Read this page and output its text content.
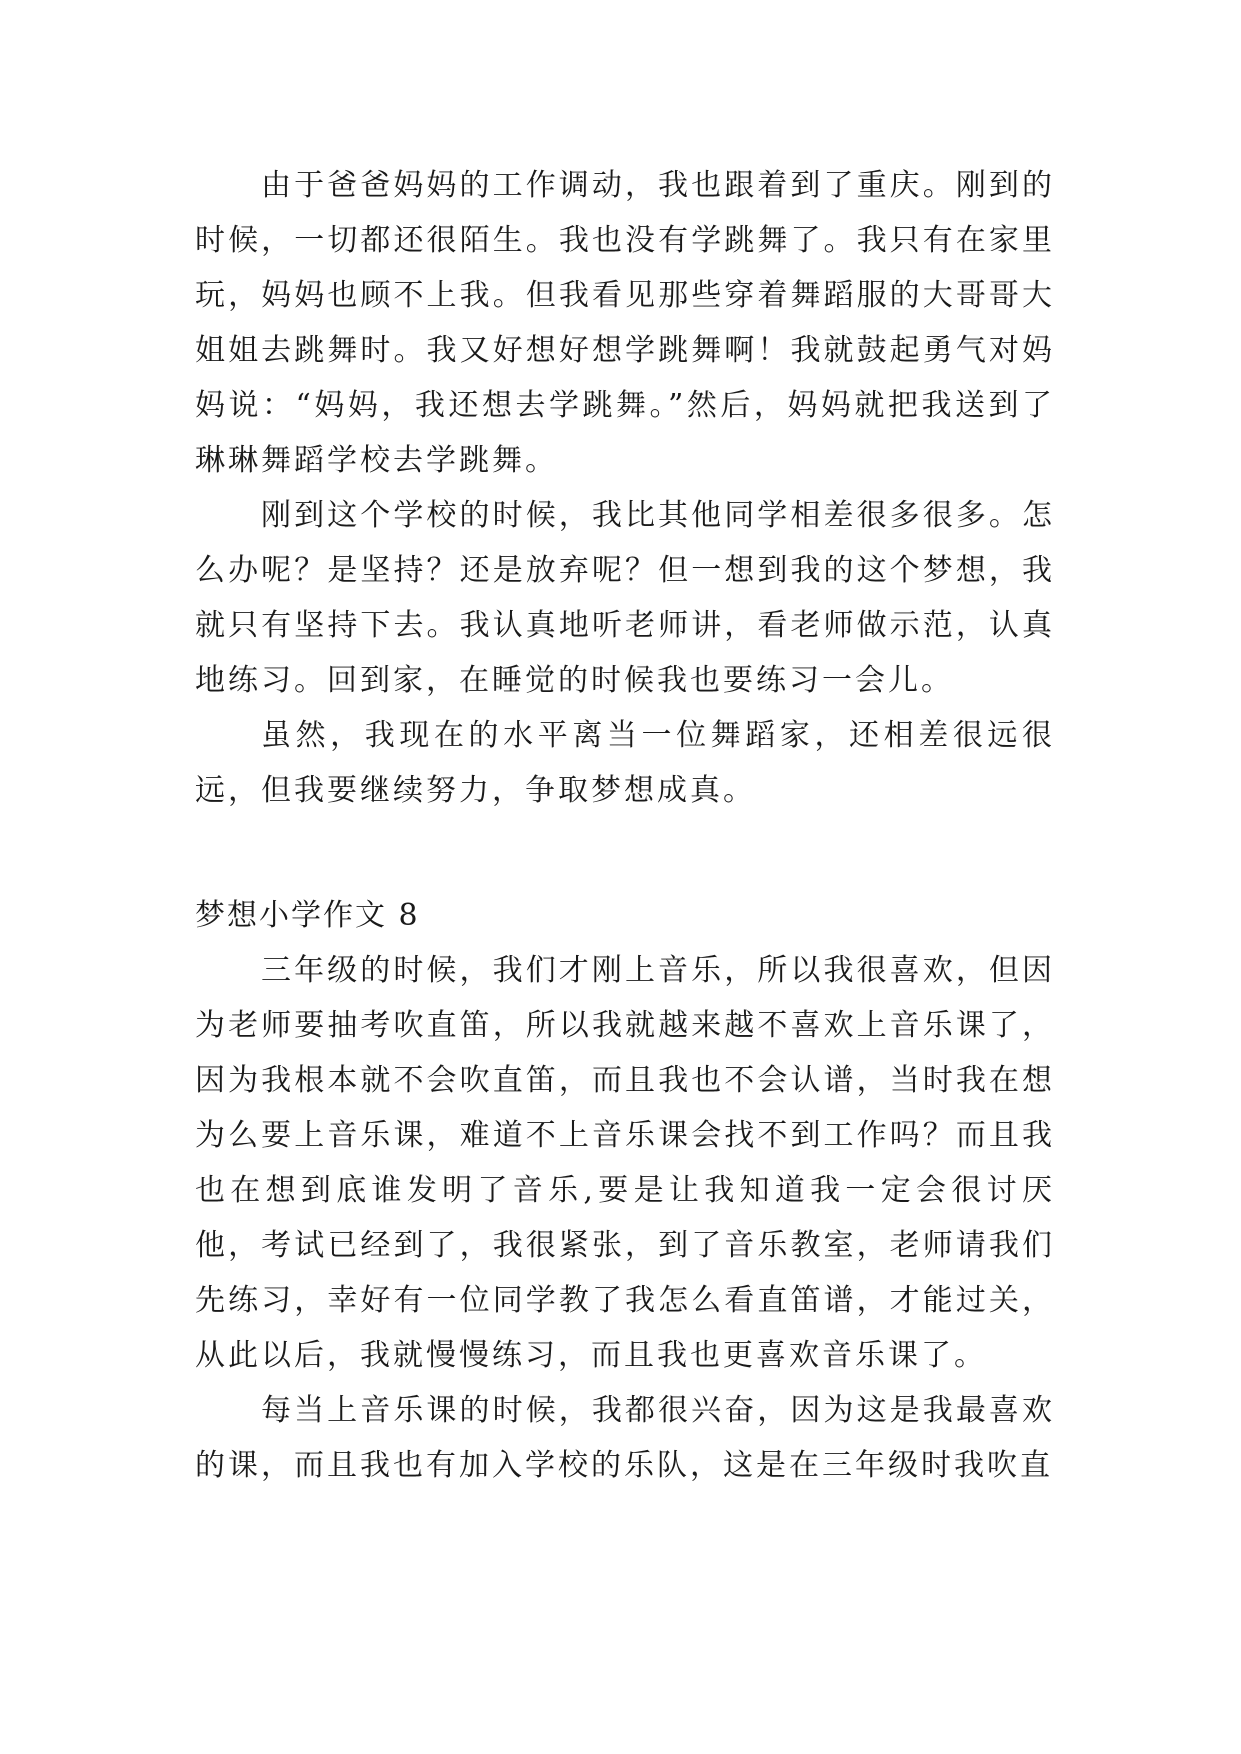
由于爸爸妈妈的工作调动，我也跟着到了重庆。刚到的时候，一切都还很陌生。我也没有学跳舞了。我只有在家里玩，妈妈也顾不上我。但我看见那些穿着舞蹈服的大哥哥大姐姐去跳舞时。我又好想好想学跳舞啊！我就鼓起勇气对妈妈说：“妈妈，我还想去学跳舞。”然后，妈妈就把我送到了琳琳舞蹈学校去学跳舞。

刚到这个学校的时候，我比其他同学相差很多很多。怎么办呢？是坚持？还是放弃呢？但一想到我的这个梦想，我就只有坚持下去。我认真地听老师讲，看老师做示范，认真地练习。回到家，在睡觉的时候我也要练习一会儿。

虽然，我现在的水平离当一位舞蹈家，还相差很远很远，但我要继续努力，争取梦想成真。

梦想小学作文 8

三年级的时候，我们才刚上音乐，所以我很喜欢，但因为老师要抽考吹直笛，所以我就越来越不喜欢上音乐课了，因为我根本就不会吹直笛，而且我也不会认谱，当时我在想为么要上音乐课，难道不上音乐课会找不到工作吗？而且我也在想到底谁发明了音乐,要是让我知道我一定会很讨厌他，考试已经到了，我很紧张，到了音乐教室，老师请我们先练习，幸好有一位同学教了我怎么看直笛谱，才能过关，从此以后，我就慢慢练习，而且我也更喜欢音乐课了。

每当上音乐课的时候，我都很兴奋，因为这是我最喜欢的课，而且我也有加入学校的乐队，这是在三年级时我吹直
